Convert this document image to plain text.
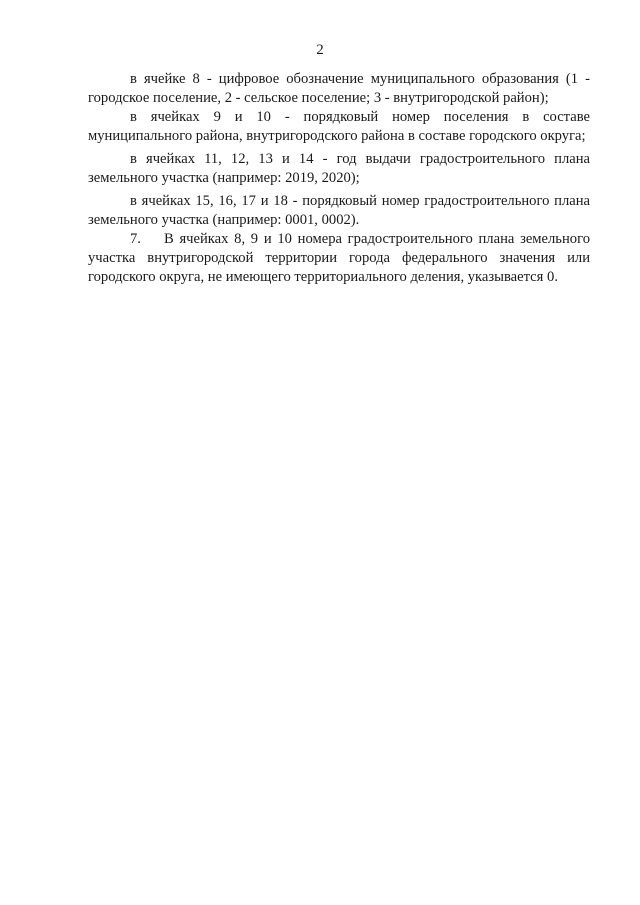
2

в ячейке 8 - цифровое обозначение муниципального образования (1 - городское поселение, 2 - сельское поселение; 3 - внутригородской район);

в ячейках 9 и 10 - порядковый номер поселения в составе муниципального района, внутригородского района в составе городского округа;

в ячейках 11, 12, 13 и 14 - год выдачи градостроительного плана земельного участка (например: 2019, 2020);

в ячейках 15, 16, 17 и 18 - порядковый номер градостроительного плана земельного участка (например: 0001, 0002).

7. В ячейках 8, 9 и 10 номера градостроительного плана земельного участка внутригородской территории города федерального значения или городского округа, не имеющего территориального деления, указывается 0.
